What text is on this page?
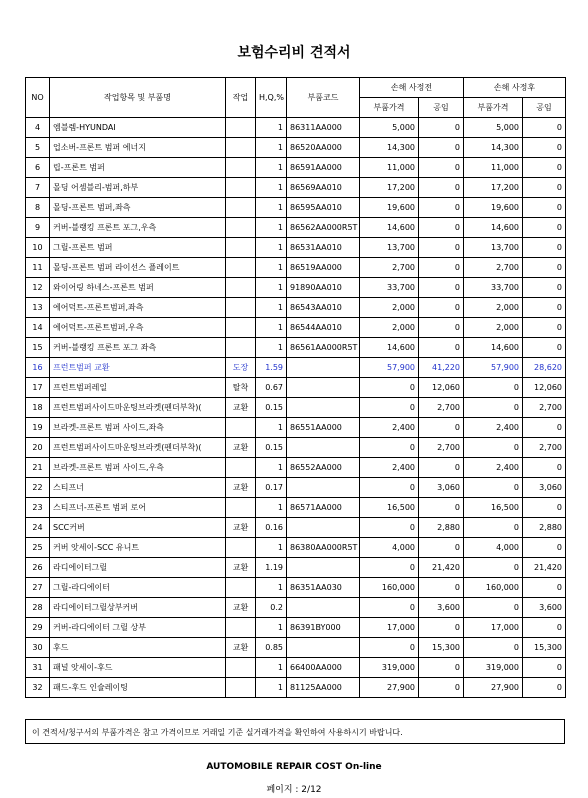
보험수리비 견적서
NO	작업항목 및 부품명	작업	H,Q,%	부품코드	손해 사정전		손해 사정후	
					부품가격	공임	부품가격	공임
4	엠블렘-HYUNDAI		1	86311AA000	5,000	0	5,000	0
5	업소버-프론트 범퍼 에너지		1	86520AA000	14,300	0	14,300	0
6	립-프론트 범퍼		1	86591AA000	11,000	0	11,000	0
7	몰딩 어셈블리-범퍼,하부		1	86569AA010	17,200	0	17,200	0
8	몰딩-프론트 범퍼,좌측		1	86595AA010	19,600	0	19,600	0
9	커버-블랭킹 프론트 포그,우측		1	86562AA000R5T	14,600	0	14,600	0
10	그릴-프론트 범퍼		1	86531AA010	13,700	0	13,700	0
11	몰딩-프론트 범퍼 라이선스 플레이트		1	86519AA000	2,700	0	2,700	0
12	와이어링 하네스-프론트 범퍼		1	91890AA010	33,700	0	33,700	0
13	에어덕트-프론트범퍼,좌측		1	86543AA010	2,000	0	2,000	0
14	에어덕트-프론트범퍼,우측		1	86544AA010	2,000	0	2,000	0
15	커버-블랭킹 프론트 포그 좌측		1	86561AA000R5T	14,600	0	14,600	0
16	프런트범퍼 교환	도장	1.59		57,900	41,220	57,900	28,620
17	프런트범퍼레일	탈착	0.67		0	12,060	0	12,060
18	프런트범퍼사이드마운팅브라켓(펜더부착)(	교환	0.15		0	2,700	0	2,700
19	브라켓-프론트 범퍼 사이드,좌측		1	86551AA000	2,400	0	2,400	0
20	프런트범퍼사이드마운팅브라켓(펜더부착)(	교환	0.15		0	2,700	0	2,700
21	브라켓-프론트 범퍼 사이드,우측		1	86552AA000	2,400	0	2,400	0
22	스티프너	교환	0.17		0	3,060	0	3,060
23	스티프너-프론트 범퍼 로어		1	86571AA000	16,500	0	16,500	0
24	SCC커버	교환	0.16		0	2,880	0	2,880
25	커버 앗세이-SCC 유니트		1	86380AA000R5T	4,000	0	4,000	0
26	라디에이터그릴	교환	1.19		0	21,420	0	21,420
27	그릴-라디에이터		1	86351AA030	160,000	0	160,000	0
28	라디에이터그릴상부커버	교환	0.2		0	3,600	0	3,600
29	커버-라디에이터 그릴 상부		1	86391BY000	17,000	0	17,000	0
30	후드	교환	0.85		0	15,300	0	15,300
31	패널 앗세이-후드		1	66400AA000	319,000	0	319,000	0
32	패드-후드 인슐레이팅		1	81125AA000	27,900	0	27,900	0
이 견적서/청구서의 부품가격은 참고 가격이므로 거래일 기준 실거래가격을 확인하여 사용하시기 바랍니다.
AUTOMOBILE REPAIR COST On-line
페이지 : 2/12
